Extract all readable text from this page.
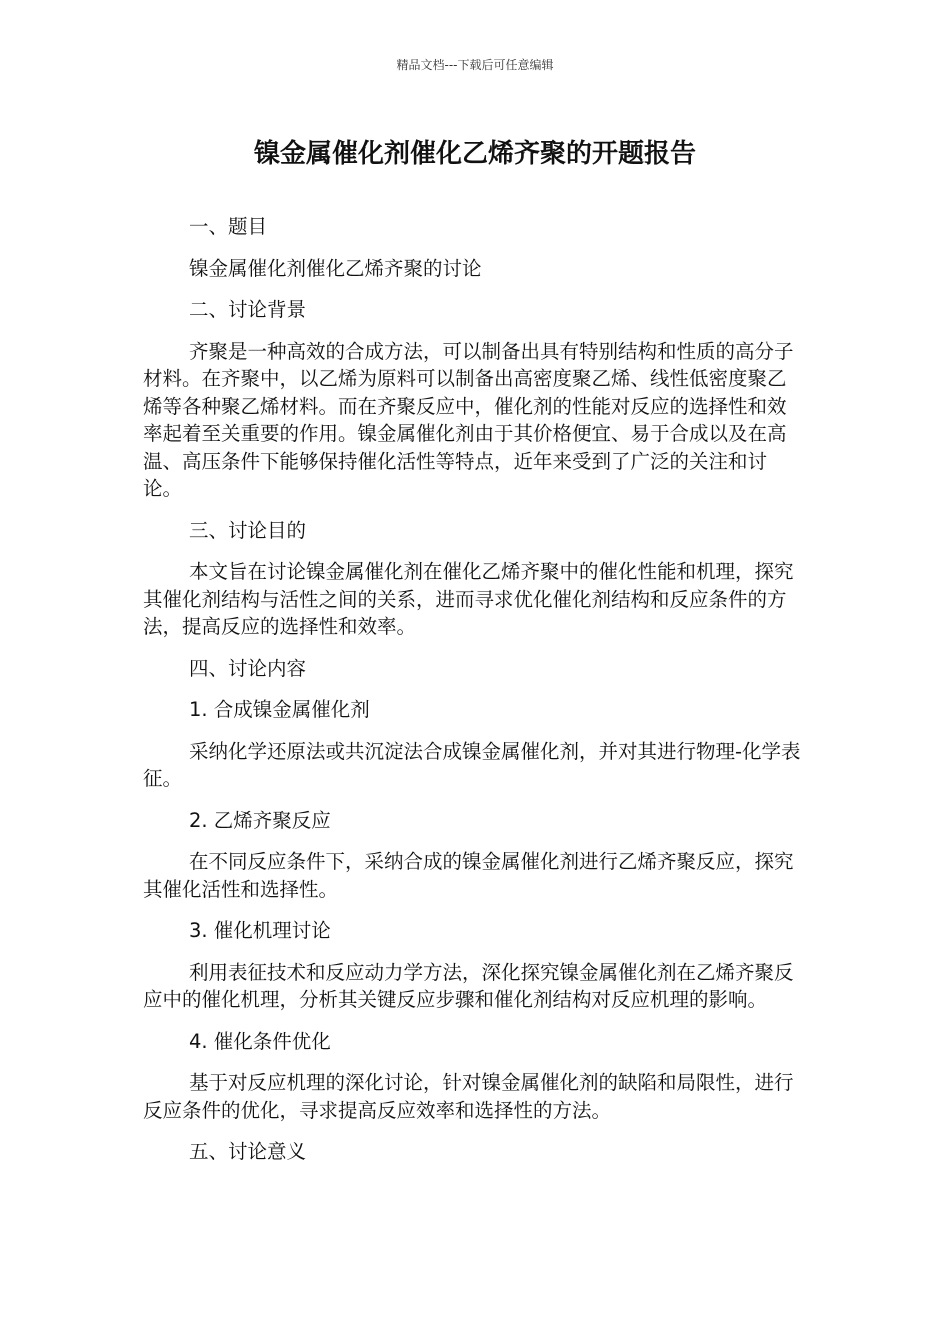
精品文档---下载后可任意编辑
镍金属催化剂催化乙烯齐聚的开题报告

一、题目

镍金属催化剂催化乙烯齐聚的讨论

二、讨论背景

齐聚是一种高效的合成方法，可以制备出具有特别结构和性质的高分子材料。在齐聚中，以乙烯为原料可以制备出高密度聚乙烯、线性低密度聚乙烯等各种聚乙烯材料。而在齐聚反应中，催化剂的性能对反应的选择性和效率起着至关重要的作用。镍金属催化剂由于其价格便宜、易于合成以及在高温、高压条件下能够保持催化活性等特点，近年来受到了广泛的关注和讨论。

三、讨论目的

本文旨在讨论镍金属催化剂在催化乙烯齐聚中的催化性能和机理，探究其催化剂结构与活性之间的关系，进而寻求优化催化剂结构和反应条件的方法，提高反应的选择性和效率。

四、讨论内容

1. 合成镍金属催化剂

采纳化学还原法或共沉淀法合成镍金属催化剂，并对其进行物理-化学表征。

2. 乙烯齐聚反应

在不同反应条件下，采纳合成的镍金属催化剂进行乙烯齐聚反应，探究其催化活性和选择性。

3. 催化机理讨论

利用表征技术和反应动力学方法，深化探究镍金属催化剂在乙烯齐聚反应中的催化机理，分析其关键反应步骤和催化剂结构对反应机理的影响。

4. 催化条件优化

基于对反应机理的深化讨论，针对镍金属催化剂的缺陷和局限性，进行反应条件的优化，寻求提高反应效率和选择性的方法。

五、讨论意义
